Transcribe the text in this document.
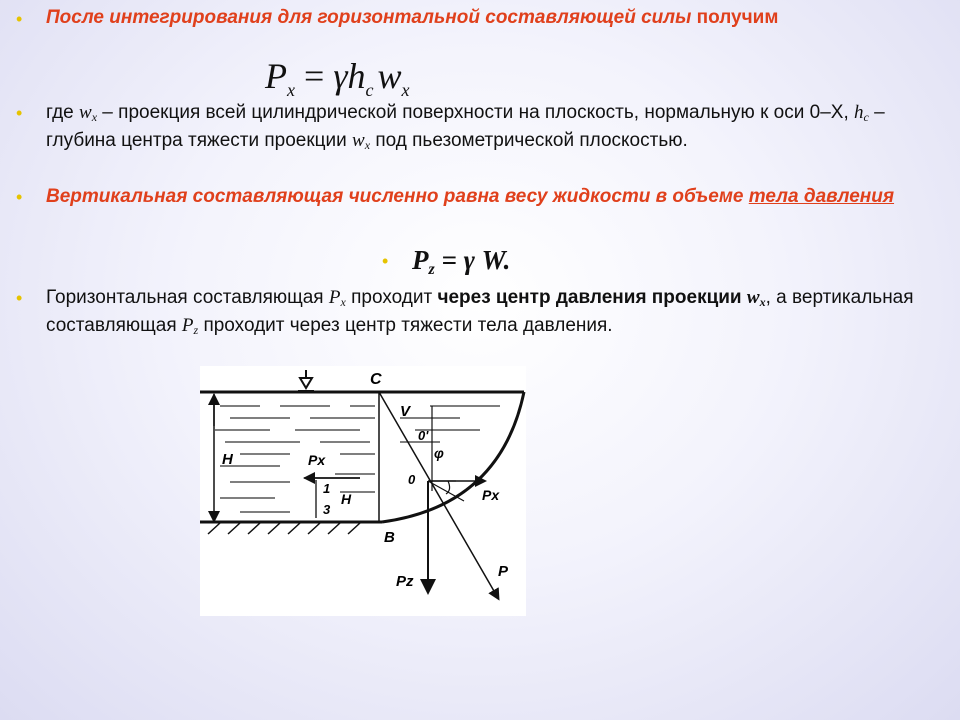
• После интегрирования для горизонтальной составляющей силы получим
$P_x = \gamma h_c$ $w_x$
• где $w_x$ – проекция всей цилиндрической поверхности на плоскость, нормальную к оси 0–Х, $h_c$ – глубина центра тяжести проекции $w_x$ под пьезометрической плоскостью.
• Вертикальная составляющая численно равна весу жидкости в объеме тела давления
• $P_z = \gamma$ W.
• Горизонтальная составляющая $P_x$ проходит через центр давления проекции $w_x$, а вертикальная составляющая $P_z$ проходит через центр тяжести тела давления.
H	Px
1
3
H
C
V
B
0'
φ
0
Px
Pz
P
